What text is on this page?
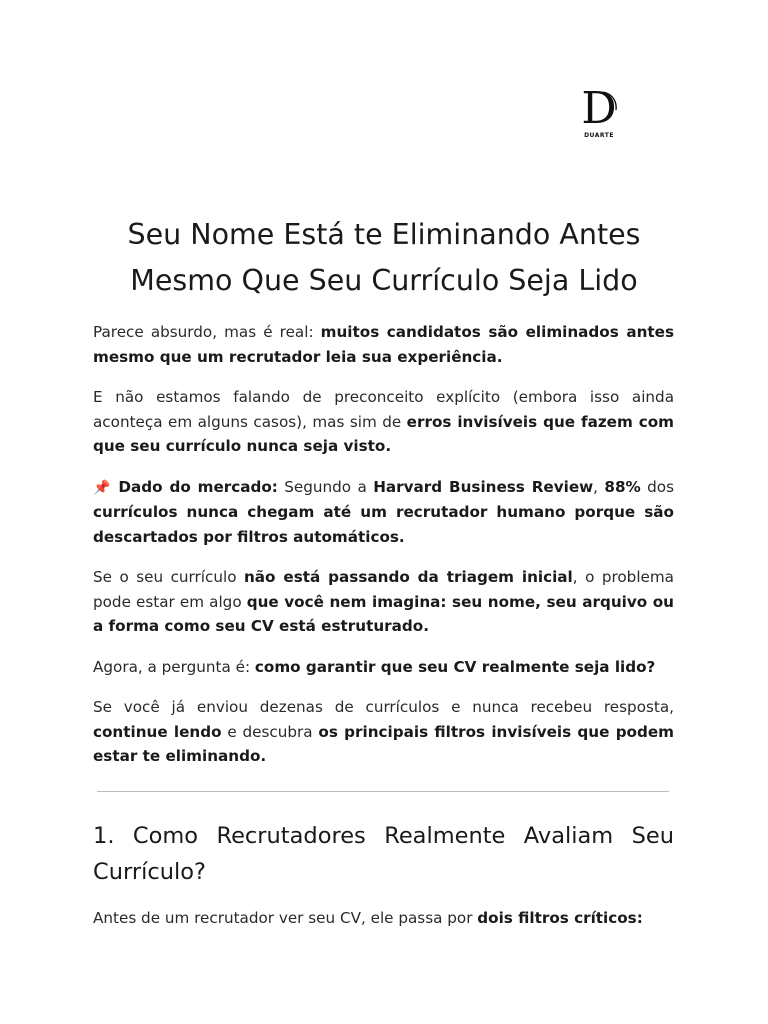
D
DUARTE
Seu Nome Está te Eliminando Antes
Mesmo Que Seu Currículo Seja Lido

Parece absurdo, mas é real: muitos candidatos são eliminados antes mesmo que um recrutador leia sua experiência.

E não estamos falando de preconceito explícito (embora isso ainda aconteça em alguns casos), mas sim de erros invisíveis que fazem com que seu currículo nunca seja visto.

📌 Dado do mercado: Segundo a Harvard Business Review, 88% dos currículos nunca chegam até um recrutador humano porque são descartados por filtros automáticos.

Se o seu currículo não está passando da triagem inicial, o problema pode estar em algo que você nem imagina: seu nome, seu arquivo ou a forma como seu CV está estruturado.

Agora, a pergunta é: como garantir que seu CV realmente seja lido?

Se você já enviou dezenas de currículos e nunca recebeu resposta, continue lendo e descubra os principais filtros invisíveis que podem estar te eliminando.

1. Como Recrutadores Realmente Avaliam Seu
Currículo?

Antes de um recrutador ver seu CV, ele passa por dois filtros críticos:
